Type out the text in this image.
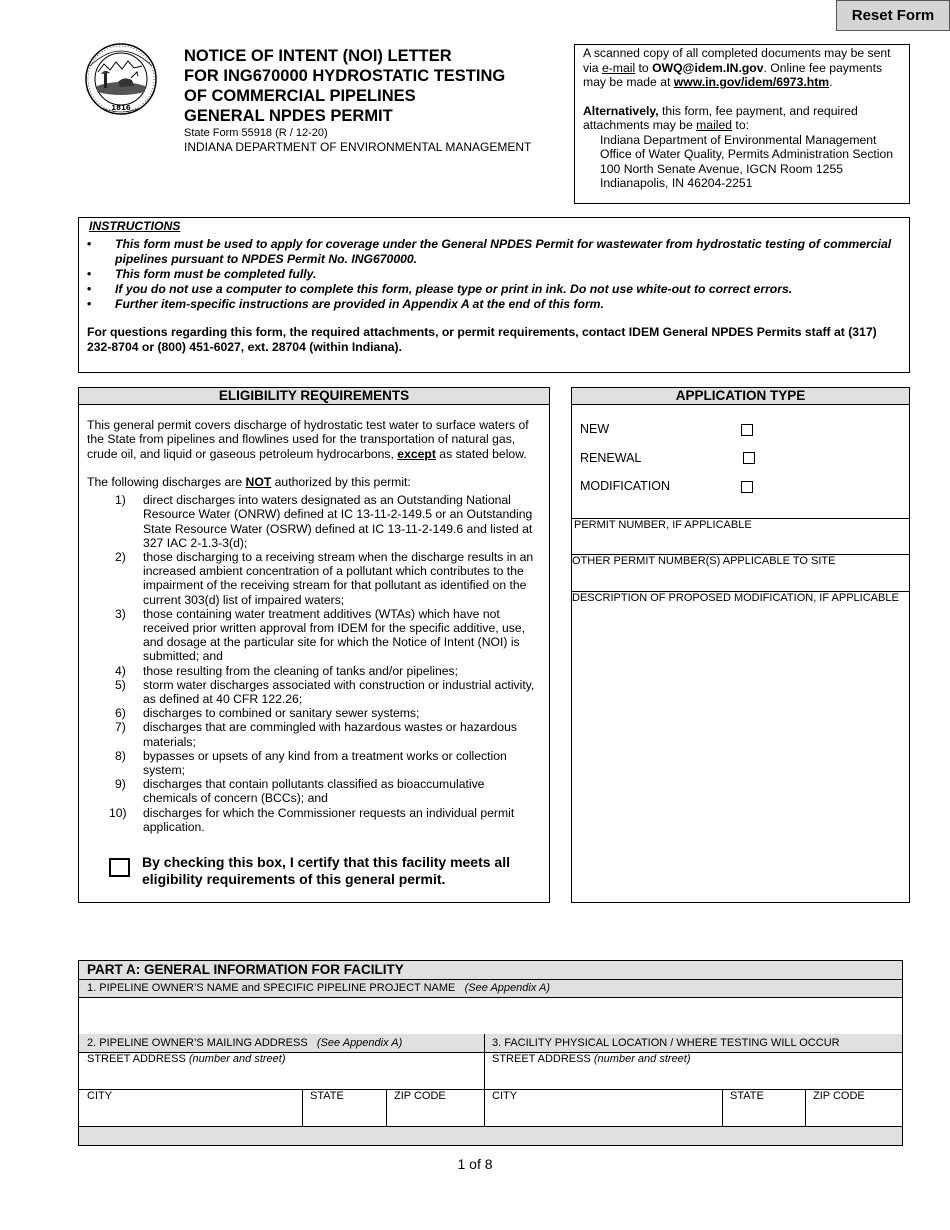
Reset Form
1816
NOTICE OF INTENT (NOI) LETTER
FOR ING670000 HYDROSTATIC TESTING
OF COMMERCIAL PIPELINES
GENERAL NPDES PERMIT
State Form 55918 (R / 12-20)
INDIANA DEPARTMENT OF ENVIRONMENTAL MANAGEMENT

A scanned copy of all completed documents may be sent via e-mail to OWQ@idem.IN.gov. Online fee payments may be made at www.in.gov/idem/6973.htm.

Alternatively, this form, fee payment, and required attachments may be mailed to:

Indiana Department of Environmental Management
Office of Water Quality, Permits Administration Section
100 North Senate Avenue, IGCN Room 1255
Indianapolis, IN 46204-2251
INSTRUCTIONS
• This form must be used to apply for coverage under the General NPDES Permit for wastewater from hydrostatic testing of commercial pipelines pursuant to NPDES Permit No. ING670000.
• This form must be completed fully.
• If you do not use a computer to complete this form, please type or print in ink. Do not use white-out to correct errors.
• Further item-specific instructions are provided in Appendix A at the end of this form.
For questions regarding this form, the required attachments, or permit requirements, contact IDEM General NPDES Permits staff at (317) 232-8704 or (800) 451-6027, ext. 28704 (within Indiana).
ELIGIBILITY REQUIREMENTS

This general permit covers discharge of hydrostatic test water to surface waters of the State from pipelines and flowlines used for the transportation of natural gas, crude oil, and liquid or gaseous petroleum hydrocarbons, except as stated below.

The following discharges are NOT authorized by this permit:

1) direct discharges into waters designated as an Outstanding National Resource Water (ONRW) defined at IC 13-11-2-149.5 or an Outstanding State Resource Water (OSRW) defined at IC 13-11-2-149.6 and listed at 327 IAC 2-1.3-3(d);
2) those discharging to a receiving stream when the discharge results in an increased ambient concentration of a pollutant which contributes to the impairment of the receiving stream for that pollutant as identified on the current 303(d) list of impaired waters;
3) those containing water treatment additives (WTAs) which have not received prior written approval from IDEM for the specific additive, use, and dosage at the particular site for which the Notice of Intent (NOI) is submitted; and
4) those resulting from the cleaning of tanks and/or pipelines;
5) storm water discharges associated with construction or industrial activity, as defined at 40 CFR 122.26;
6) discharges to combined or sanitary sewer systems;
7) discharges that are commingled with hazardous wastes or hazardous materials;
8) bypasses or upsets of any kind from a treatment works or collection system;
9) discharges that contain pollutants classified as bioaccumulative chemicals of concern (BCCs); and
10) discharges for which the Commissioner requests an individual permit application.
By checking this box, I certify that this facility meets all eligibility requirements of this general permit.
APPLICATION TYPE
NEW
RENEWAL
MODIFICATION
PERMIT NUMBER, IF APPLICABLE
OTHER PERMIT NUMBER(S) APPLICABLE TO SITE
DESCRIPTION OF PROPOSED MODIFICATION, IF APPLICABLE
PART A: GENERAL INFORMATION FOR FACILITY
1. PIPELINE OWNER’S NAME and SPECIFIC PIPELINE PROJECT NAME (See Appendix A)
2. PIPELINE OWNER’S MAILING ADDRESS (See Appendix A)	3. FACILITY PHYSICAL LOCATION / WHERE TESTING WILL OCCUR
STREET ADDRESS (number and street)	STREET ADDRESS (number and street)
CITY	STATE	ZIP CODE	CITY	STATE	ZIP CODE
1 of 8
